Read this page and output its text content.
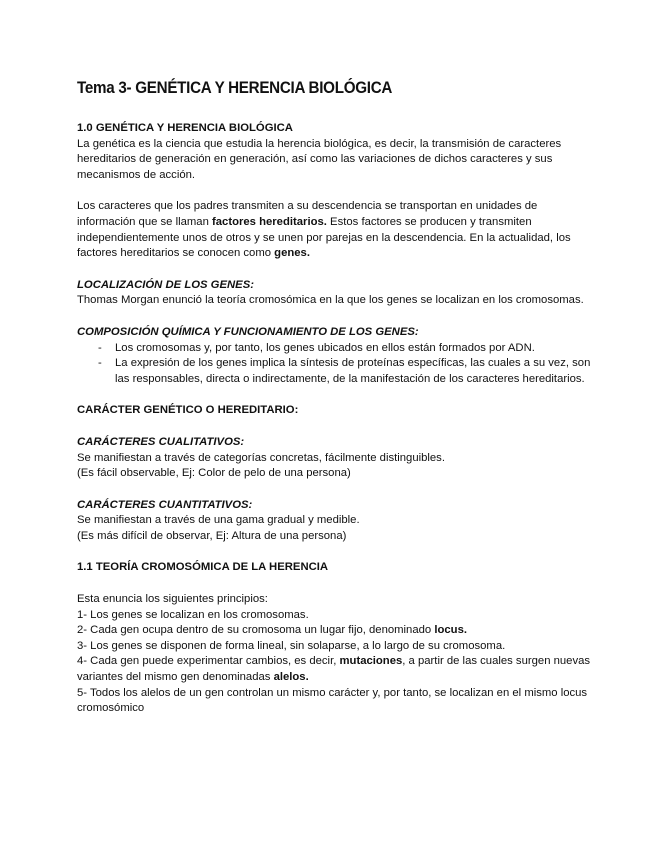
Tema 3- GENÉTICA Y HERENCIA BIOLÓGICA
1.0 GENÉTICA Y HERENCIA BIOLÓGICA

La genética es la ciencia que estudia la herencia biológica, es decir, la transmisión de caracteres hereditarios de generación en generación, así como las variaciones de dichos caracteres y sus mecanismos de acción.

Los caracteres que los padres transmiten a su descendencia se transportan en unidades de información que se llaman factores hereditarios. Estos factores se producen y transmiten independientemente unos de otros y se unen por parejas en la descendencia. En la actualidad, los factores hereditarios se conocen como genes.

LOCALIZACIÓN DE LOS GENES:

Thomas Morgan enunció la teoría cromosómica en la que los genes se localizan en los cromosomas.

COMPOSICIÓN QUÍMICA Y FUNCIONAMIENTO DE LOS GENES:
- Los cromosomas y, por tanto, los genes ubicados en ellos están formados por ADN.
- La expresión de los genes implica la síntesis de proteínas específicas, las cuales a su vez, son las responsables, directa o indirectamente, de la manifestación de los caracteres hereditarios.
CARÁCTER GENÉTICO O HEREDITARIO:
CARÁCTERES CUALITATIVOS:

Se manifiestan a través de categorías concretas, fácilmente distinguibles.

(Es fácil observable, Ej: Color de pelo de una persona)

CARÁCTERES CUANTITATIVOS:

Se manifiestan a través de una gama gradual y medible.

(Es más difícil de observar, Ej: Altura de una persona)

1.1 TEORÍA CROMOSÓMICA DE LA HERENCIA

Esta enuncia los siguientes principios:

1- Los genes se localizan en los cromosomas.

2- Cada gen ocupa dentro de su cromosoma un lugar fijo, denominado locus.

3- Los genes se disponen de forma lineal, sin solaparse, a lo largo de su cromosoma.

4- Cada gen puede experimentar cambios, es decir, mutaciones, a partir de las cuales surgen nuevas variantes del mismo gen denominadas alelos.

5- Todos los alelos de un gen controlan un mismo carácter y, por tanto, se localizan en el mismo locus cromosómico
